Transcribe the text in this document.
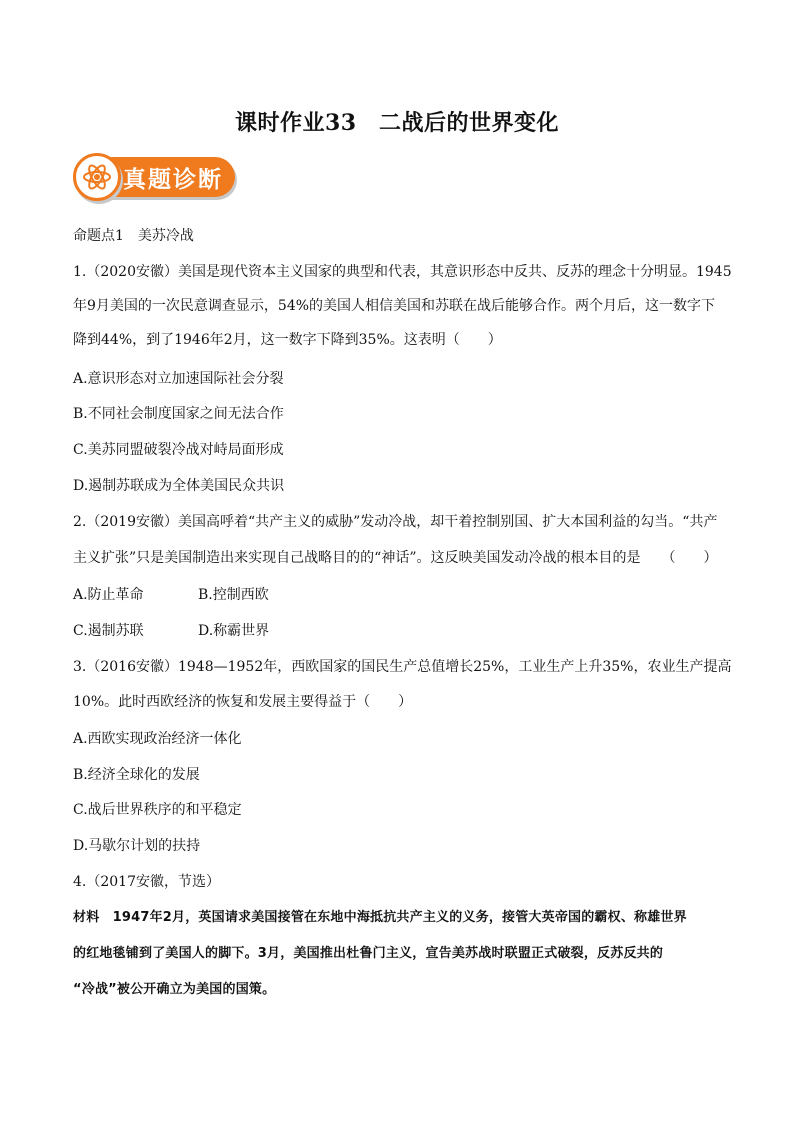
课时作业33　二战后的世界变化
真题诊断
命题点1　美苏冷战
1.（2020安徽）美国是现代资本主义国家的典型和代表，其意识形态中反共、反苏的理念十分明显。1945
年9月美国的一次民意调查显示，54%的美国人相信美国和苏联在战后能够合作。两个月后，这一数字下
降到44%，到了1946年2月，这一数字下降到35%。这表明（　　）
A.意识形态对立加速国际社会分裂
B.不同社会制度国家之间无法合作
C.美苏同盟破裂冷战对峙局面形成
D.遏制苏联成为全体美国民众共识
2.（2019安徽）美国高呼着“共产主义的威胁”发动冷战，却干着控制别国、扩大本国利益的勾当。“共产
主义扩张”只是美国制造出来实现自己战略目的的“神话”。这反映美国发动冷战的根本目的是　　（　　）
A.防止革命	B.控制西欧
C.遏制苏联	D.称霸世界
3.（2016安徽）1948—1952年，西欧国家的国民生产总值增长25%，工业生产上升35%，农业生产提高
10%。此时西欧经济的恢复和发展主要得益于（　　）
A.西欧实现政治经济一体化
B.经济全球化的发展
C.战后世界秩序的和平稳定
D.马歇尔计划的扶持
4.（2017安徽，节选）
材料　1947年2月，英国请求美国接管在东地中海抵抗共产主义的义务，接管大英帝国的霸权、称雄世界
的红地毯铺到了美国人的脚下。3月，美国推出杜鲁门主义，宣告美苏战时联盟正式破裂，反苏反共的
“冷战”被公开确立为美国的国策。
